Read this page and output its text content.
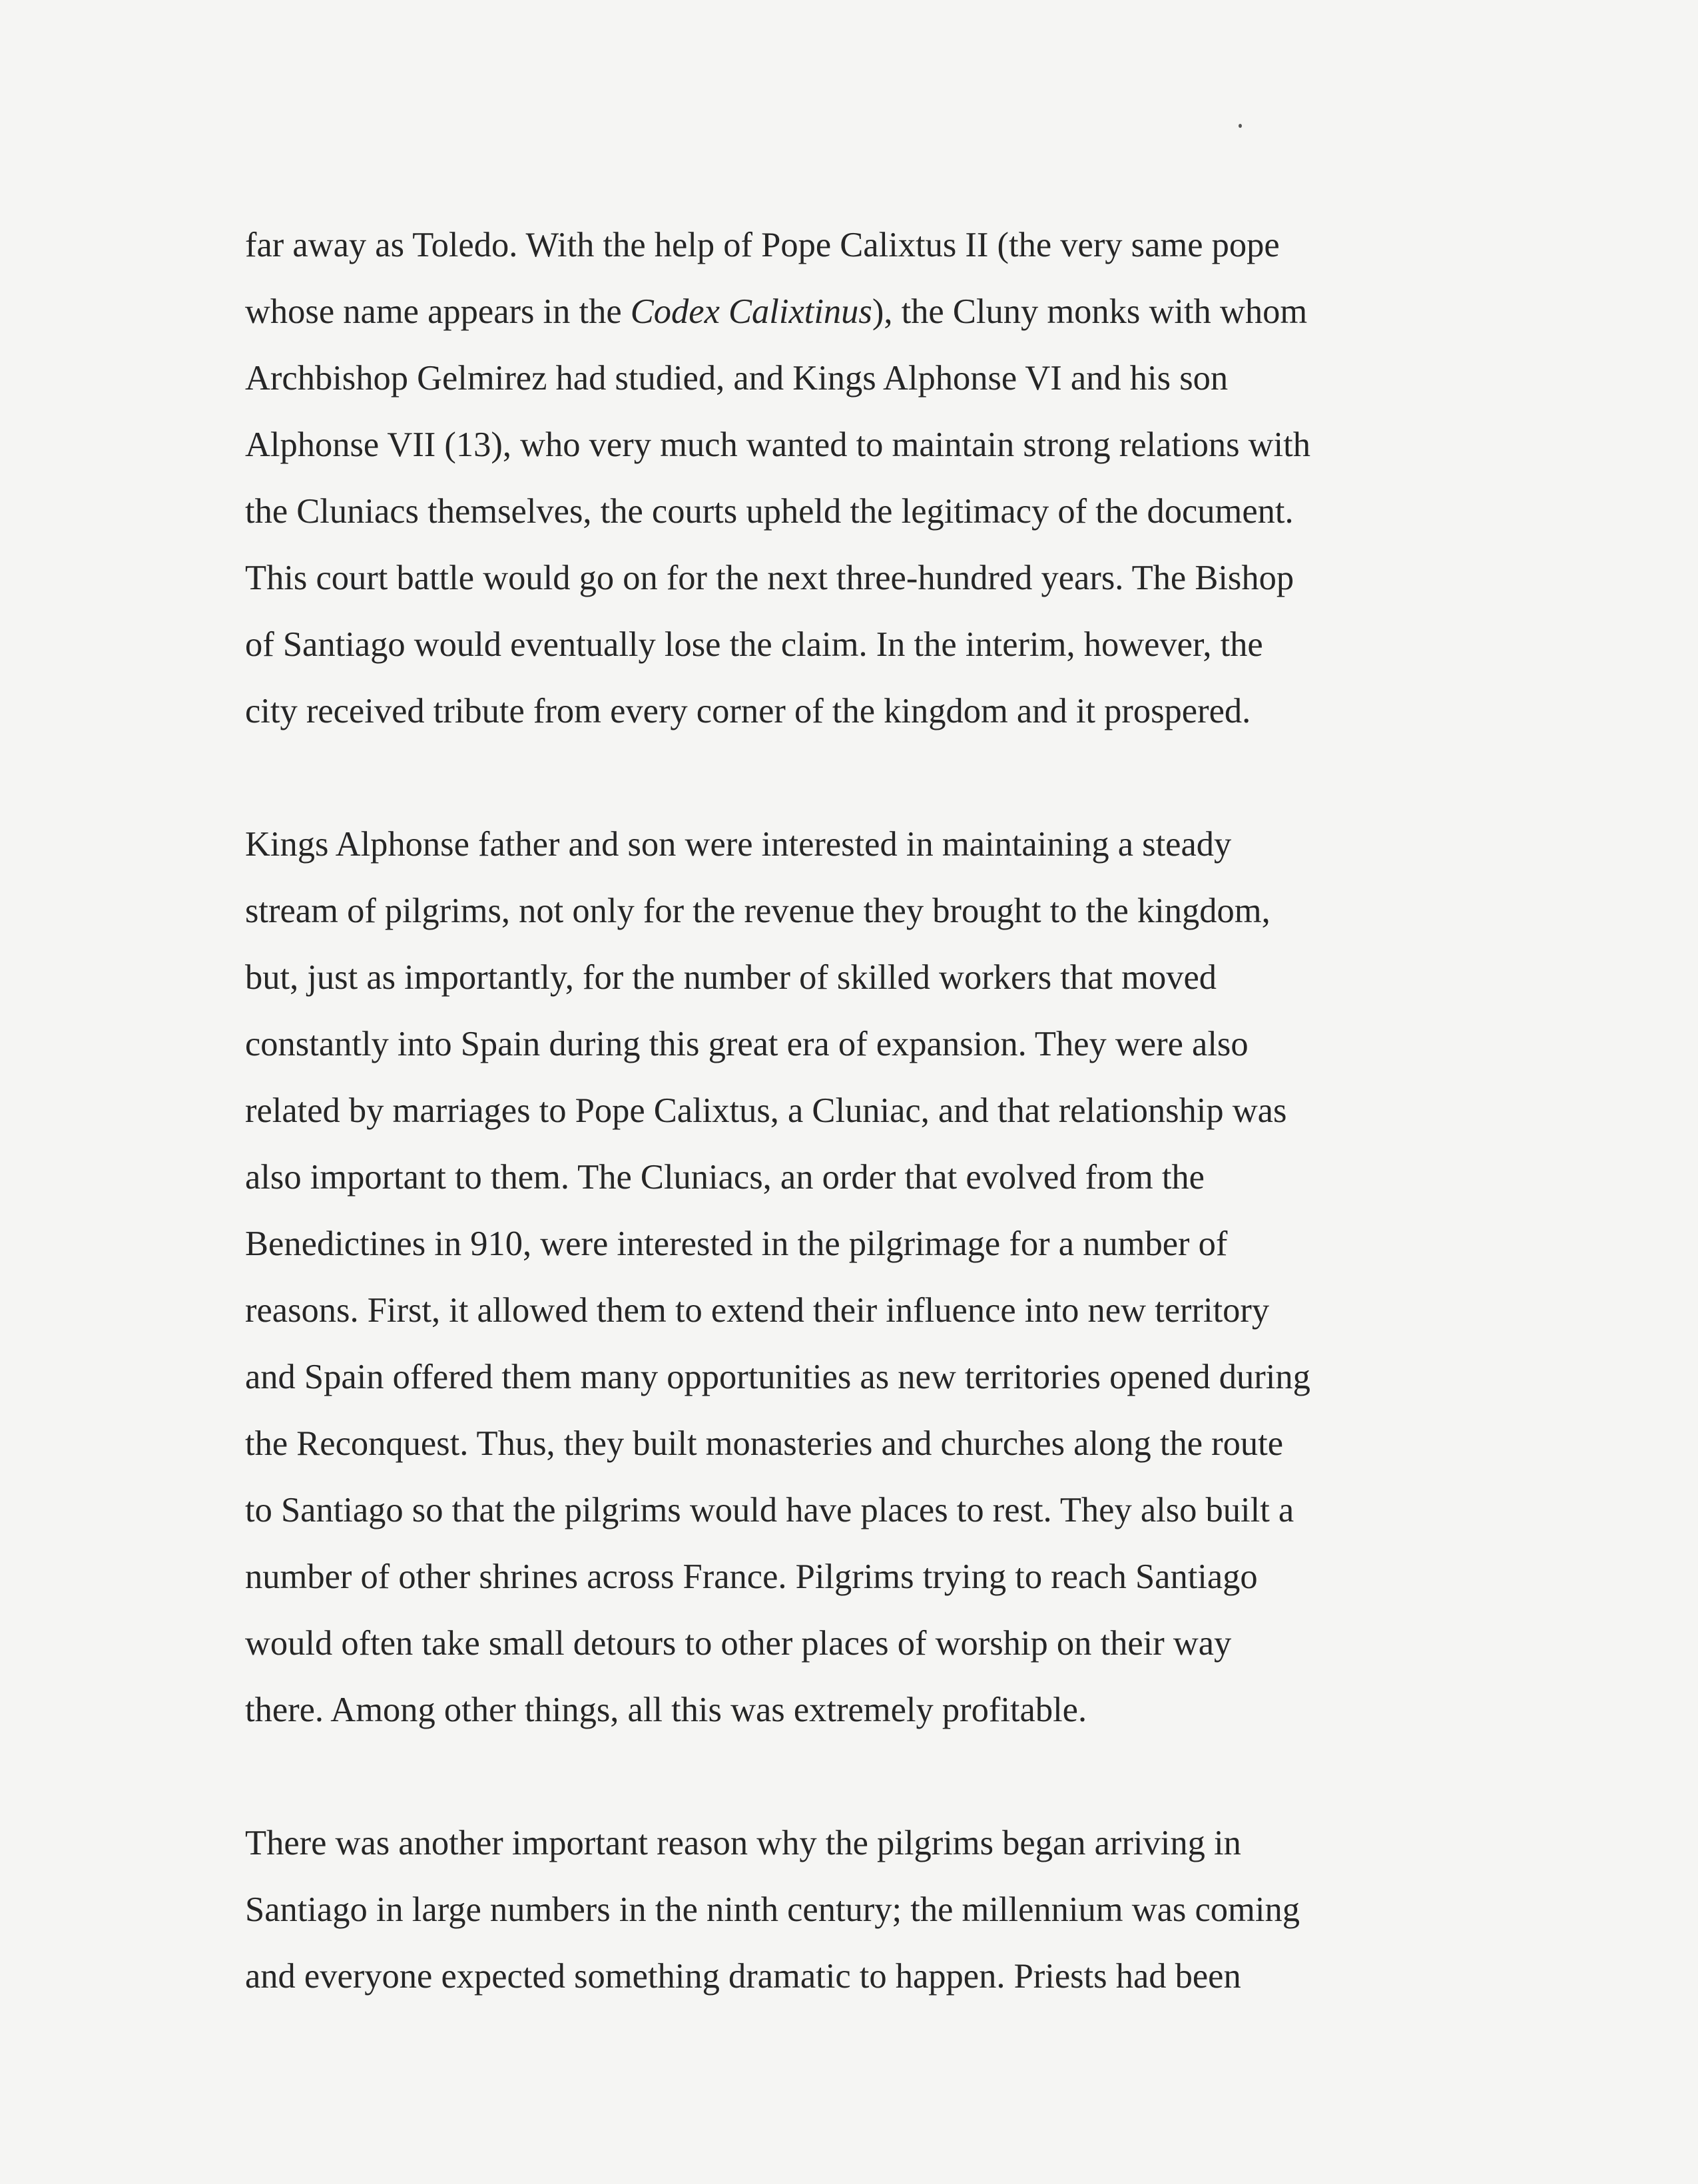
far away as Toledo. With the help of Pope Calixtus II (the very same pope
whose name appears in the Codex Calixtinus), the Cluny monks with whom
Archbishop Gelmirez had studied, and Kings Alphonse VI and his son
Alphonse VII (13), who very much wanted to maintain strong relations with
the Cluniacs themselves, the courts upheld the legitimacy of the document.
This court battle would go on for the next three-hundred years. The Bishop
of Santiago would eventually lose the claim. In the interim, however, the
city received tribute from every corner of the kingdom and it prospered.
Kings Alphonse father and son were interested in maintaining a steady
stream of pilgrims, not only for the revenue they brought to the kingdom,
but, just as importantly, for the number of skilled workers that moved
constantly into Spain during this great era of expansion. They were also
related by marriages to Pope Calixtus, a Cluniac, and that relationship was
also important to them. The Cluniacs, an order that evolved from the
Benedictines in 910, were interested in the pilgrimage for a number of
reasons. First, it allowed them to extend their influence into new territory
and Spain offered them many opportunities as new territories opened during
the Reconquest. Thus, they built monasteries and churches along the route
to Santiago so that the pilgrims would have places to rest. They also built a
number of other shrines across France. Pilgrims trying to reach Santiago
would often take small detours to other places of worship on their way
there. Among other things, all this was extremely profitable.
There was another important reason why the pilgrims began arriving in
Santiago in large numbers in the ninth century; the millennium was coming
and everyone expected something dramatic to happen. Priests had been
